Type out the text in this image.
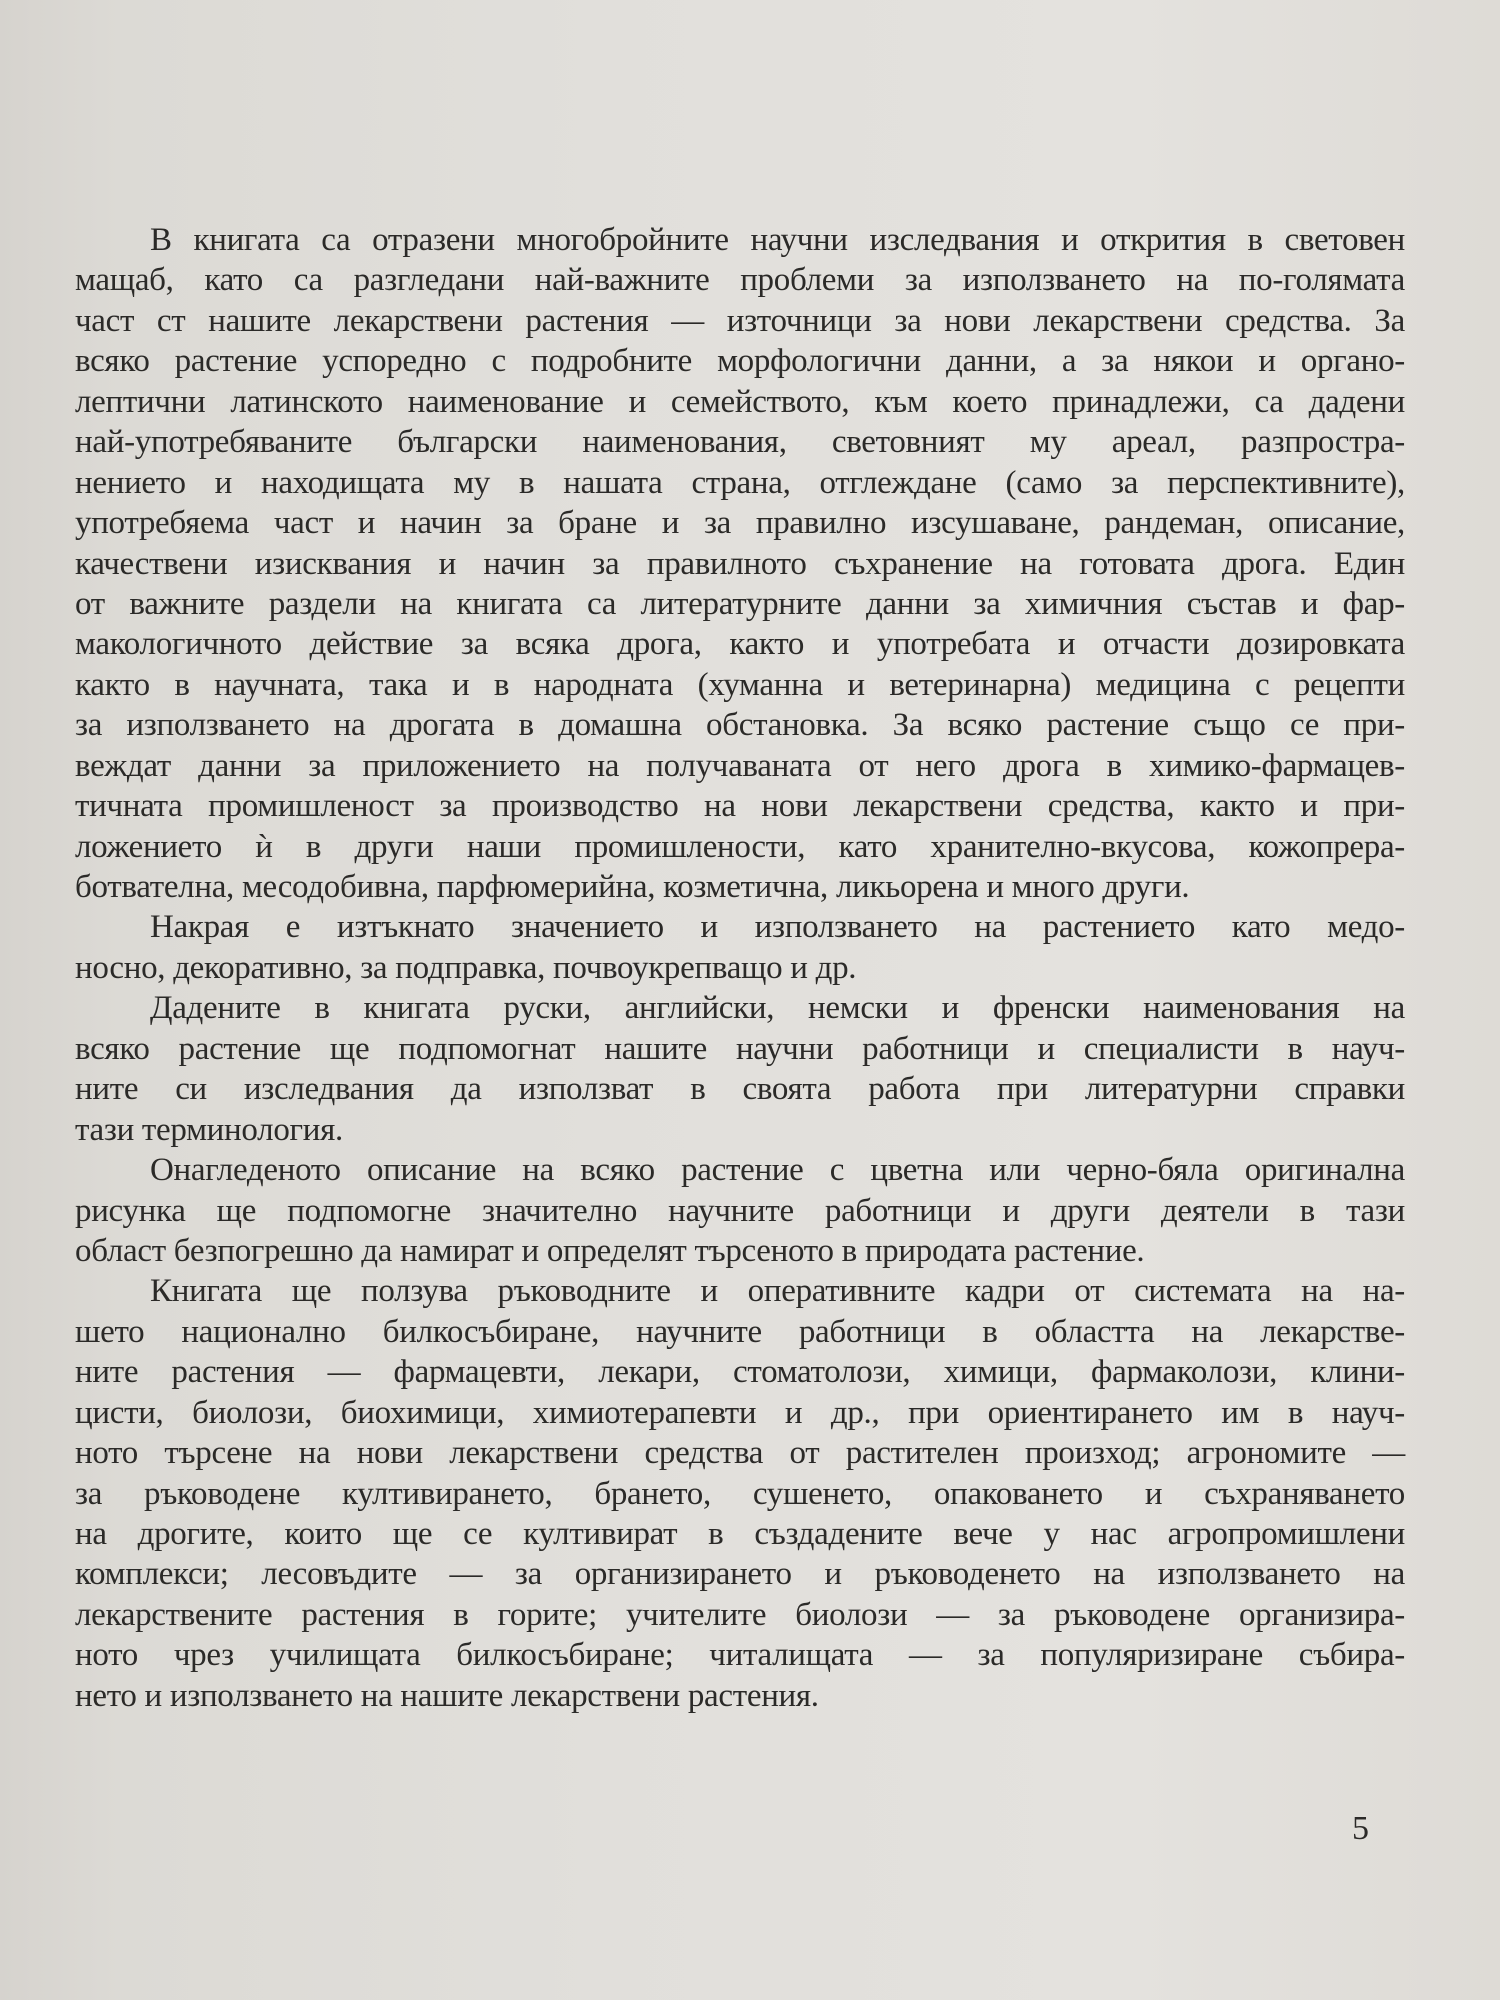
В книгата са отразени многобройните научни изследвания и открития в световен
мащаб, като са разгледани най-важните проблеми за използването на по-голямата
част ст нашите лекарствени растения — източници за нови лекарствени средства. За
всяко растение успоредно с подробните морфологични данни, а за някои и органо-
лептични латинското наименование и семейството, към което принадлежи, са дадени
най-употребяваните български наименования, световният му ареал, разпростра-
нението и находищата му в нашата страна, отглеждане (само за перспективните),
употребяема част и начин за бране и за правилно изсушаване, рандеман, описание,
качествени изисквания и начин за правилното съхранение на готовата дрога. Един
от важните раздели на книгата са литературните данни за химичния състав и фар-
макологичното действие за всяка дрога, както и употребата и отчасти дозировката
както в научната, така и в народната (хуманна и ветеринарна) медицина с рецепти
за използването на дрогата в домашна обстановка. За всяко растение също се при-
веждат данни за приложението на получаваната от него дрога в химико-фармацев-
тичната промишленост за производство на нови лекарствени средства, както и при-
ложението ѝ в други наши промишлености, като хранително-вкусова, кожопрера-
ботвателна, месодобивна, парфюмерийна, козметична, ликьорена и много други.
Накрая е изтъкнато значението и използването на растението като медо-
носно, декоративно, за подправка, почвоукрепващо и др.
Дадените в книгата руски, английски, немски и френски наименования на
всяко растение ще подпомогнат нашите научни работници и специалисти в науч-
ните си изследвания да използват в своята работа при литературни справки
тази терминология.
Онагледеното описание на всяко растение с цветна или черно-бяла оригинална
рисунка ще подпомогне значително научните работници и други деятели в тази
област безпогрешно да намират и определят търсеното в природата растение.
Книгата ще ползува ръководните и оперативните кадри от системата на на-
шето национално билкосъбиране, научните работници в областта на лекарстве-
ните растения — фармацевти, лекари, стоматолози, химици, фармаколози, клини-
цисти, биолози, биохимици, химиотерапевти и др., при ориентирането им в науч-
ното търсене на нови лекарствени средства от растителен произход; агрономите —
за ръководене култивирането, брането, сушенето, опаковането и съхраняването
на дрогите, които ще се култивират в създадените вече у нас агропромишлени
комплекси; лесовъдите — за организирането и ръководенето на използването на
лекарствените растения в горите; учителите биолози — за ръководене организира-
ното чрез училищата билкосъбиране; читалищата — за популяризиране събира-
нето и използването на нашите лекарствени растения.
5
